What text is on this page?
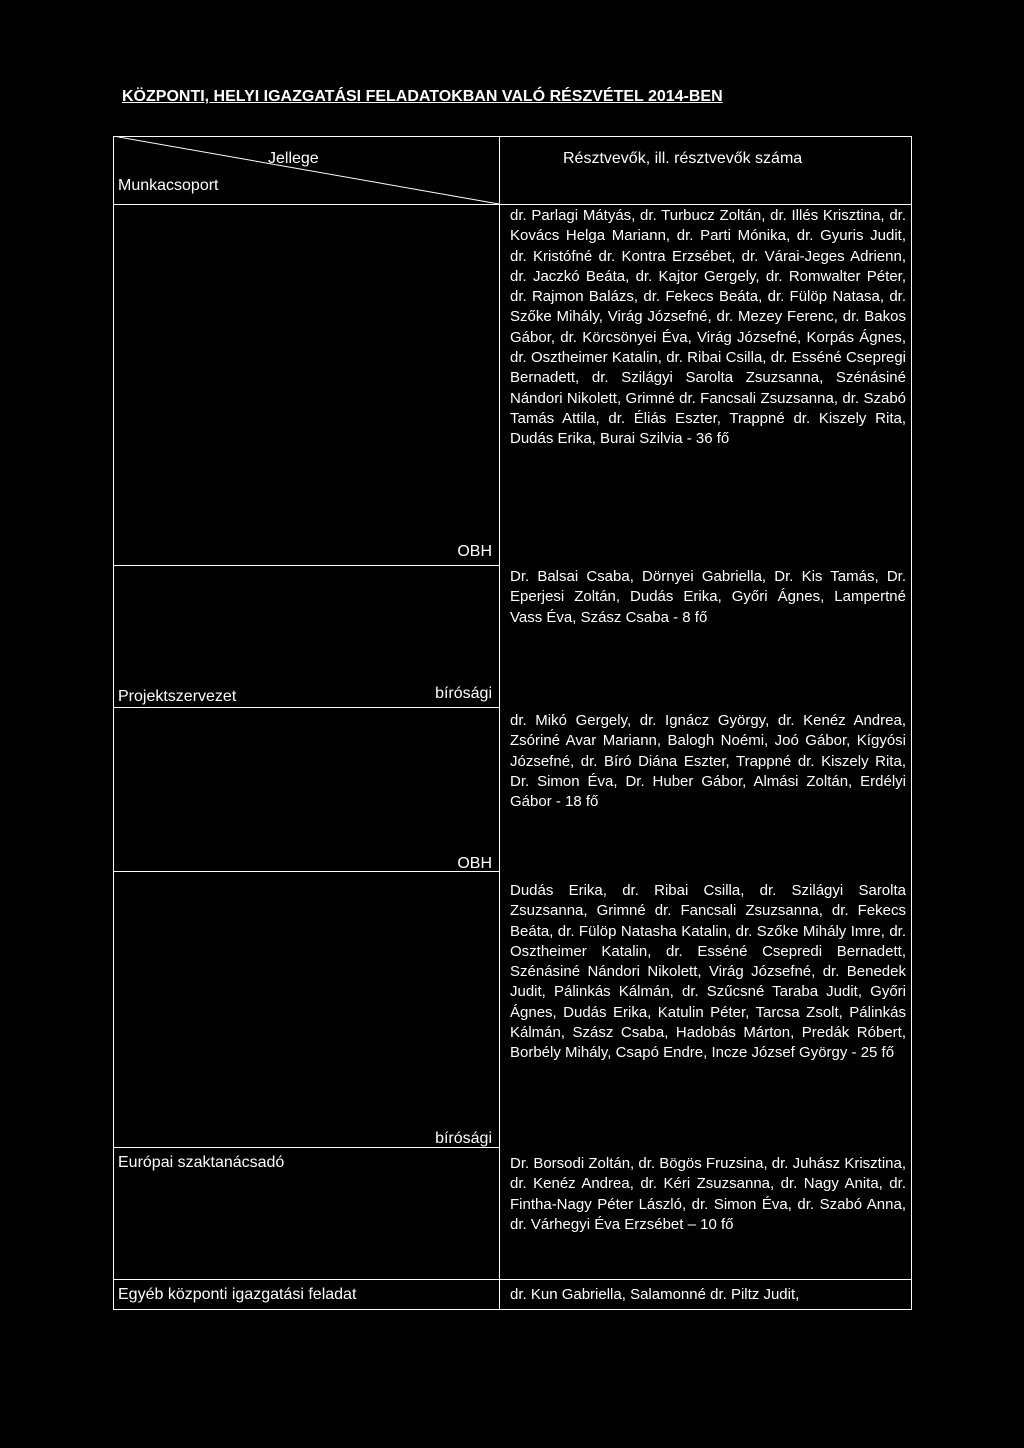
KÖZPONTI, HELYI IGAZGATÁSI FELADATOKBAN VALÓ RÉSZVÉTEL 2014-BEN
Jellege
Munkacsoport
Résztvevők, ill. résztvevők száma
OBH
bírósági
OBH
bírósági
Projektszervezet
Európai szaktanácsadó
Egyéb központi igazgatási feladat
dr. Parlagi Mátyás, dr. Turbucz Zoltán, dr. Illés Krisztina, dr. Kovács Helga Mariann, dr. Parti Mónika, dr. Gyuris Judit, dr. Kristófné dr. Kontra Erzsébet, dr. Várai-Jeges Adrienn, dr. Jaczkó Beáta, dr. Kajtor Gergely, dr. Romwalter Péter, dr. Rajmon Balázs, dr. Fekecs Beáta, dr. Fülöp Natasa, dr. Szőke Mihály, Virág Józsefné, dr. Mezey Ferenc, dr. Bakos Gábor, dr. Körcsönyei Éva, Virág Józsefné, Korpás Ágnes, dr. Osztheimer Katalin, dr. Ribai Csilla, dr. Esséné Csepregi Bernadett, dr. Szilágyi Sarolta Zsuzsanna, Szénásiné Nándori Nikolett, Grimné dr. Fancsali Zsuzsanna, dr. Szabó Tamás Attila, dr. Éliás Eszter, Trappné dr. Kiszely Rita, Dudás Erika, Burai Szilvia - 36 fő
Dr. Balsai Csaba, Dörnyei Gabriella, Dr. Kis Tamás, Dr. Eperjesi Zoltán, Dudás Erika, Győri Ágnes, Lampertné Vass Éva, Szász Csaba - 8 fő
dr. Mikó Gergely, dr. Ignácz György, dr. Kenéz Andrea, Zsóriné Avar Mariann, Balogh Noémi, Joó Gábor, Kígyósi Józsefné, dr. Bíró Diána Eszter, Trappné dr. Kiszely Rita, Dr. Simon Éva, Dr. Huber Gábor, Almási Zoltán, Erdélyi Gábor - 18 fő
Dudás Erika, dr. Ribai Csilla, dr. Szilágyi Sarolta Zsuzsanna, Grimné dr. Fancsali Zsuzsanna, dr. Fekecs Beáta, dr. Fülöp Natasha Katalin, dr. Szőke Mihály Imre, dr. Osztheimer Katalin, dr. Esséné Csepredi Bernadett, Szénásiné Nándori Nikolett, Virág Józsefné, dr. Benedek Judit, Pálinkás Kálmán, dr. Szűcsné Taraba Judit, Győri Ágnes, Dudás Erika, Katulin Péter, Tarcsa Zsolt, Pálinkás Kálmán, Szász Csaba, Hadobás Márton, Predák Róbert, Borbély Mihály, Csapó Endre, Incze József György - 25 fő
Dr. Borsodi Zoltán, dr. Bögös Fruzsina, dr. Juhász Krisztina, dr. Kenéz Andrea, dr. Kéri Zsuzsanna, dr. Nagy Anita, dr. Fintha-Nagy Péter László, dr. Simon Éva, dr. Szabó Anna, dr. Várhegyi Éva Erzsébet – 10 fő
dr. Kun Gabriella, Salamonné dr. Piltz Judit,
